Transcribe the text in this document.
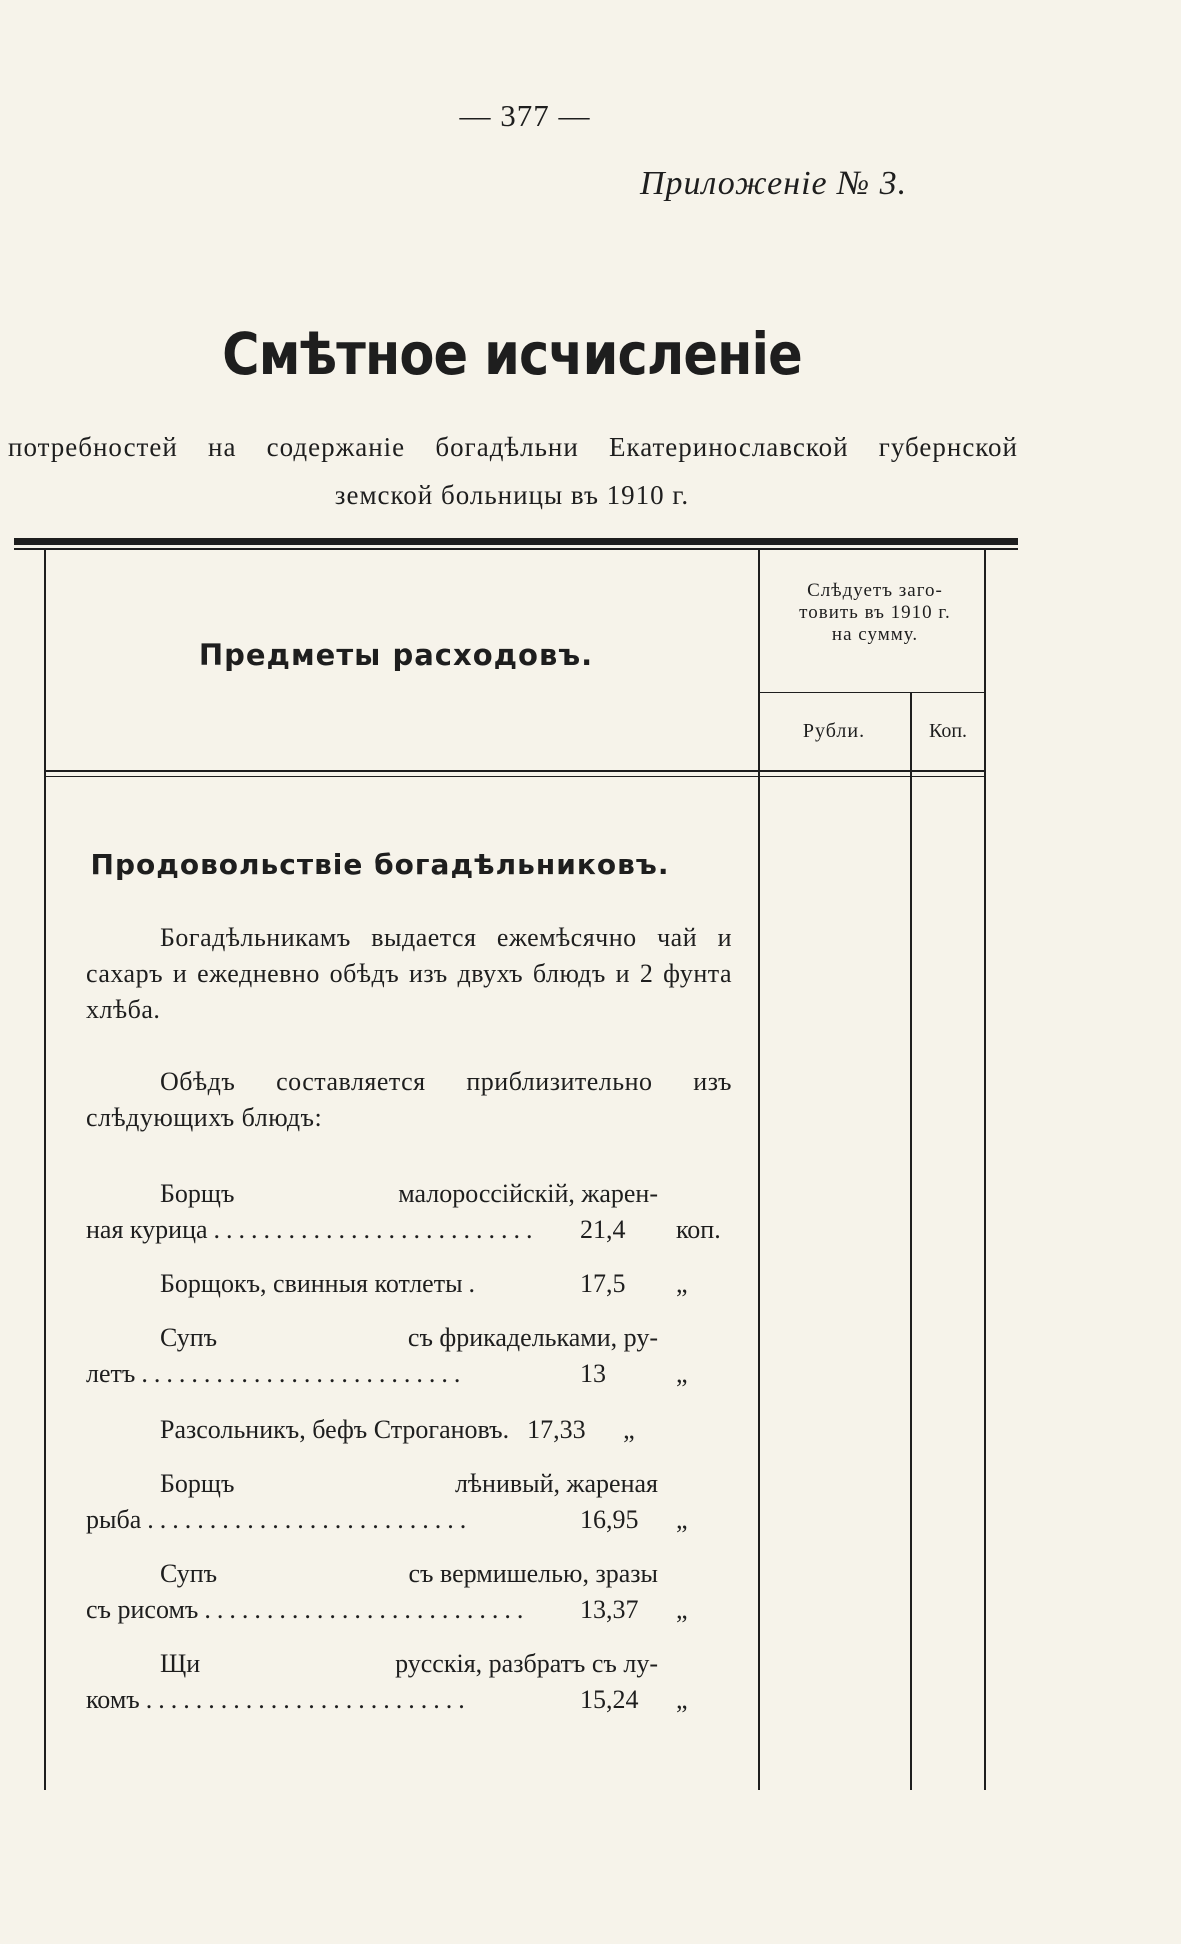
— 377 —
Приложеніе № 3.
Смѣтное исчисленіе
потребностей на содержаніе богадѣльни Екатеринославской губернской
земской больницы въ 1910 г.
Предметы расходовъ.
Слѣдуетъ заго-
товить въ 1910 г.
на сумму.
Рубли.	Коп.
Продовольствіе богадѣльниковъ.
Богадѣльникамъ выдается ежемѣсячно чай и сахаръ и ежедневно обѣдъ изъ двухъ блюдъ и 2 фунта хлѣба.
Обѣдъ составляется приблизительно изъ слѣдующихъ блюдъ:
Борщъ	малороссійскій, жарен-
ная курица ..........................	21,4	коп.
Борщокъ, свинныя котлеты .	17,5	„
Супъ	съ фрикадельками, ру-
летъ ..........................	13	„
Разсольникъ, бефъ Строгановъ. 17,33	„
Борщъ	лѣнивый, жареная
рыба ..........................	16,95	„
Супъ	съ вермишелью, зразы
съ рисомъ ..........................	13,37	„
Щи	русскія, разбратъ съ лу-
комъ ..........................	15,24	„
